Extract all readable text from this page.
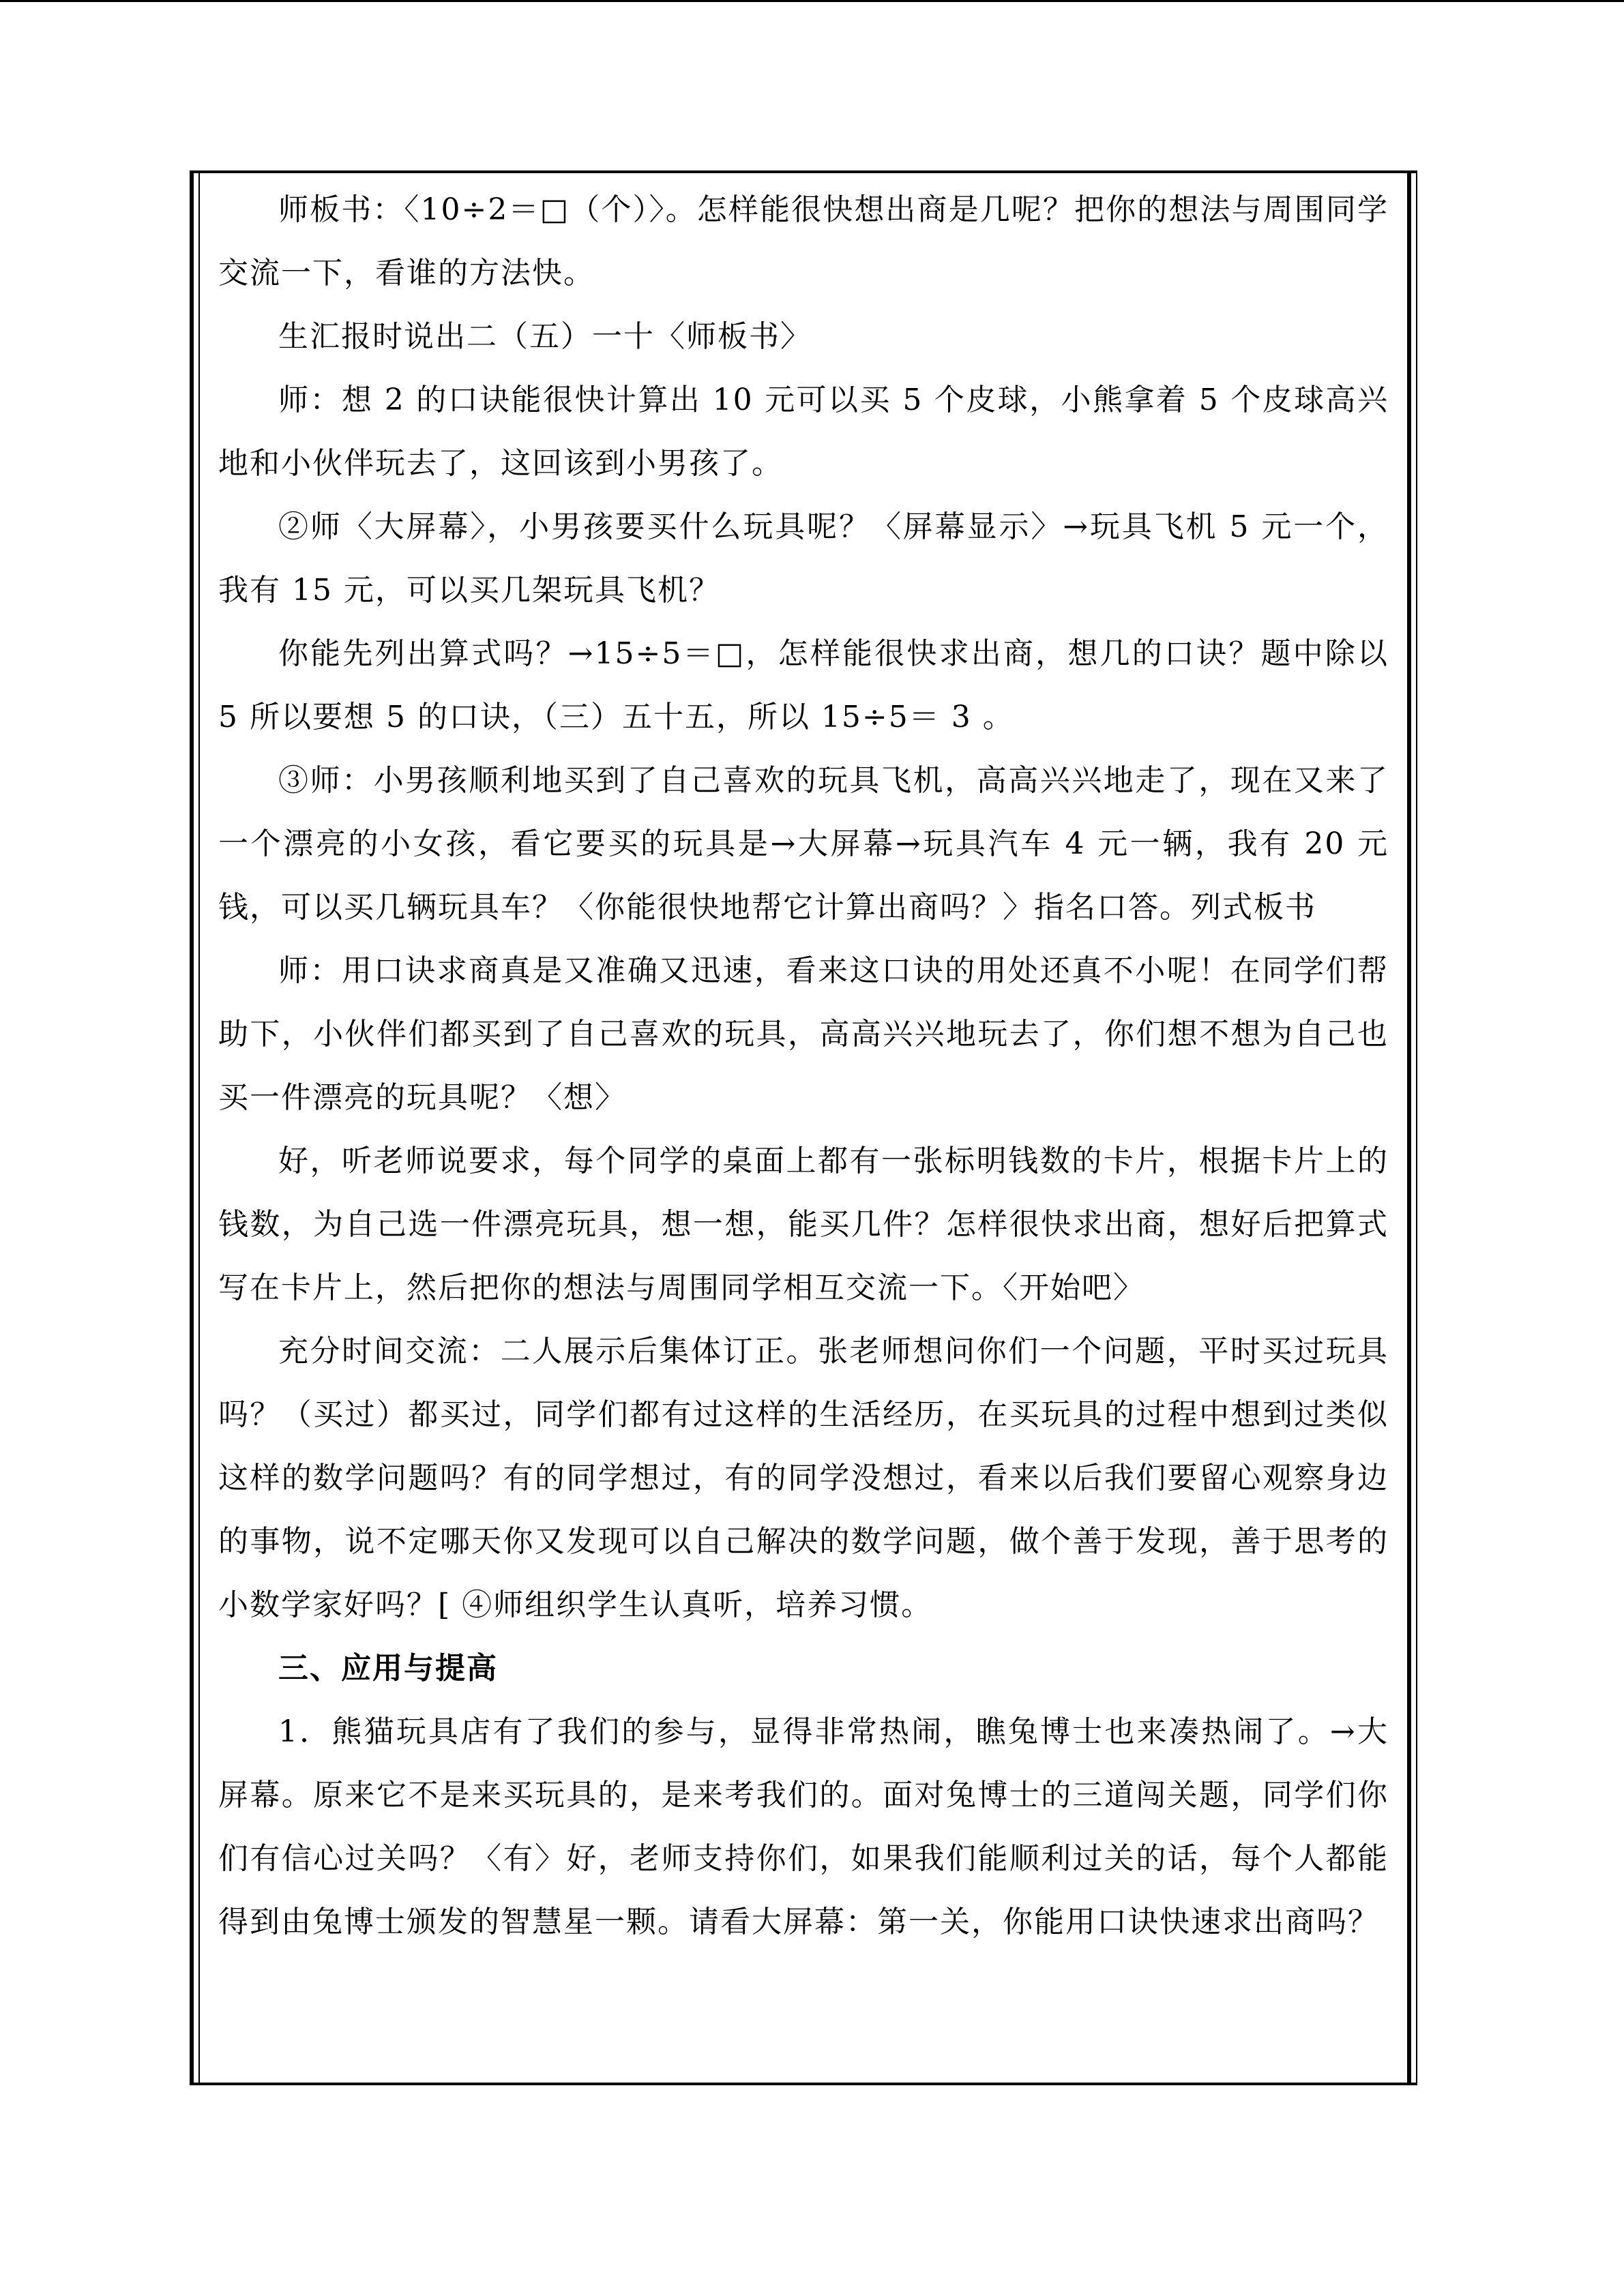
师板书：〈10÷2＝□（个）〉。怎样能很快想出商是几呢？把你的想法与周围同学交流一下，看谁的方法快。

生汇报时说出二（五）一十〈师板书〉

师：想 2 的口诀能很快计算出 10 元可以买 5 个皮球，小熊拿着 5 个皮球高兴地和小伙伴玩去了，这回该到小男孩了。

②师〈大屏幕〉，小男孩要买什么玩具呢？〈屏幕显示〉→玩具飞机 5 元一个，我有 15 元，可以买几架玩具飞机？

你能先列出算式吗？→15÷5＝□，怎样能很快求出商，想几的口诀？题中除以 5 所以要想 5 的口诀，（三）五十五，所以 15÷5＝ 3 。

③师：小男孩顺利地买到了自己喜欢的玩具飞机，高高兴兴地走了，现在又来了一个漂亮的小女孩，看它要买的玩具是→大屏幕→玩具汽车 4 元一辆，我有 20 元钱，可以买几辆玩具车？〈你能很快地帮它计算出商吗？〉指名口答。列式板书

师：用口诀求商真是又准确又迅速，看来这口诀的用处还真不小呢！在同学们帮助下，小伙伴们都买到了自己喜欢的玩具，高高兴兴地玩去了，你们想不想为自己也买一件漂亮的玩具呢？〈想〉

好，听老师说要求，每个同学的桌面上都有一张标明钱数的卡片，根据卡片上的钱数，为自己选一件漂亮玩具，想一想，能买几件？怎样很快求出商，想好后把算式写在卡片上，然后把你的想法与周围同学相互交流一下。〈开始吧〉

充分时间交流：二人展示后集体订正。张老师想问你们一个问题，平时买过玩具吗？（买过）都买过，同学们都有过这样的生活经历，在买玩具的过程中想到过类似这样的数学问题吗？有的同学想过，有的同学没想过，看来以后我们要留心观察身边的事物，说不定哪天你又发现可以自己解决的数学问题，做个善于发现，善于思考的小数学家好吗？[ ④师组织学生认真听，培养习惯。

三、应用与提高

1．熊猫玩具店有了我们的参与，显得非常热闹，瞧兔博士也来凑热闹了。→大屏幕。原来它不是来买玩具的，是来考我们的。面对兔博士的三道闯关题，同学们你们有信心过关吗？〈有〉好，老师支持你们，如果我们能顺利过关的话，每个人都能得到由兔博士颁发的智慧星一颗。请看大屏幕：第一关，你能用口诀快速求出商吗？
